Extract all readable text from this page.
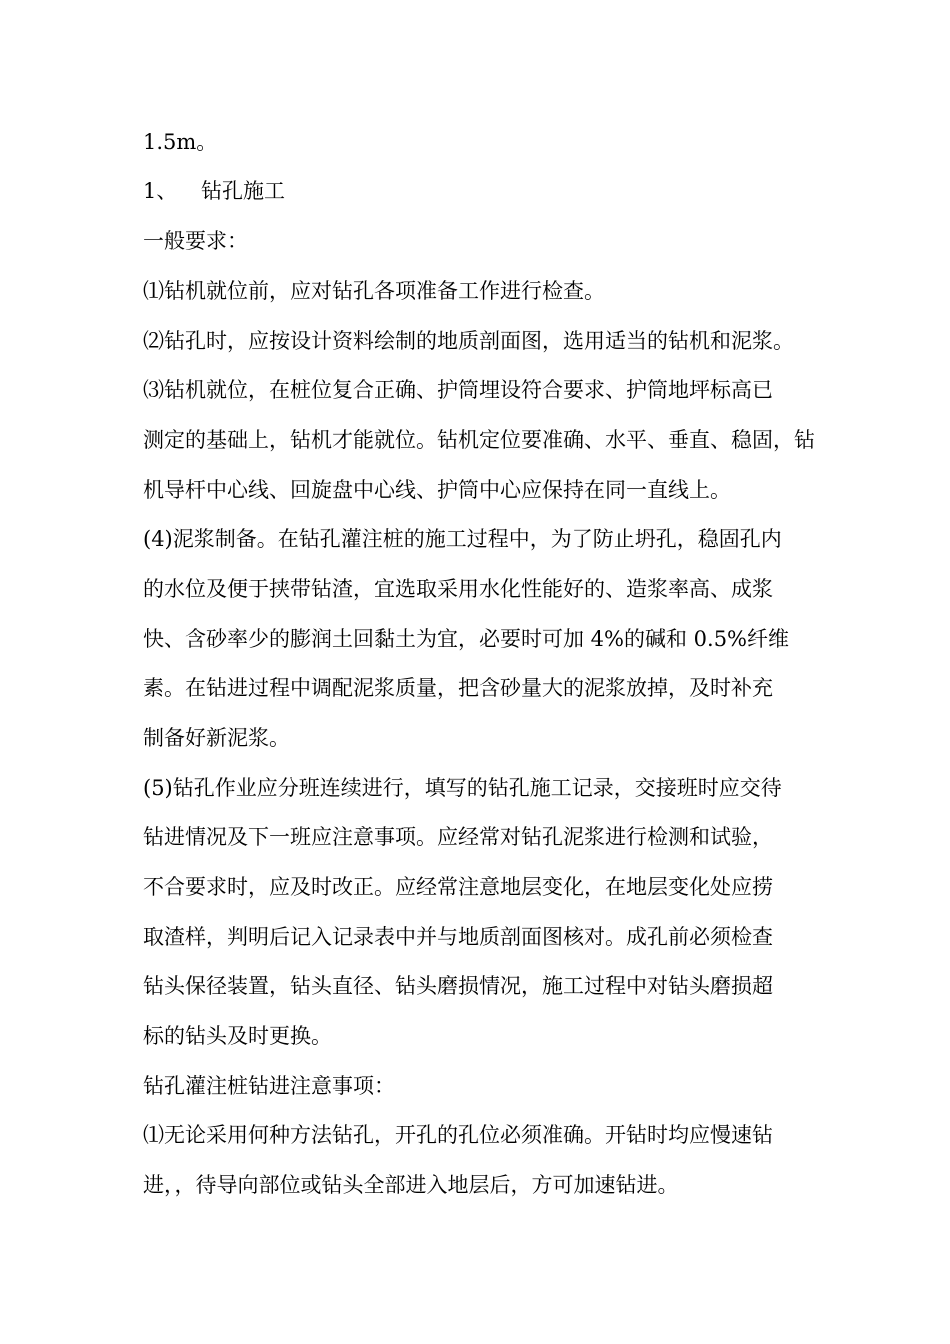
1.5m。
1、 钻孔施工
一般要求：
⑴钻机就位前，应对钻孔各项准备工作进行检查。
⑵钻孔时，应按设计资料绘制的地质剖面图，选用适当的钻机和泥浆。
⑶钻机就位，在桩位复合正确、护筒埋设符合要求、护筒地坪标高已
测定的基础上，钻机才能就位。钻机定位要准确、水平、垂直、稳固，钻
机导杆中心线、回旋盘中心线、护筒中心应保持在同一直线上。
(4)泥浆制备。在钻孔灌注桩的施工过程中，为了防止坍孔，稳固孔内
的水位及便于挟带钻渣，宜选取采用水化性能好的、造浆率高、成浆
快、含砂率少的膨润土回黏土为宜，必要时可加 4%的碱和 0.5%纤维
素。在钻进过程中调配泥浆质量，把含砂量大的泥浆放掉，及时补充
制备好新泥浆。
(5)钻孔作业应分班连续进行，填写的钻孔施工记录，交接班时应交待
钻进情况及下一班应注意事项。应经常对钻孔泥浆进行检测和试验，
不合要求时，应及时改正。应经常注意地层变化，在地层变化处应捞
取渣样，判明后记入记录表中并与地质剖面图核对。成孔前必须检查
钻头保径装置，钻头直径、钻头磨损情况，施工过程中对钻头磨损超
标的钻头及时更换。
钻孔灌注桩钻进注意事项：
⑴无论采用何种方法钻孔，开孔的孔位必须准确。开钻时均应慢速钻
进，，待导向部位或钻头全部进入地层后，方可加速钻进。
